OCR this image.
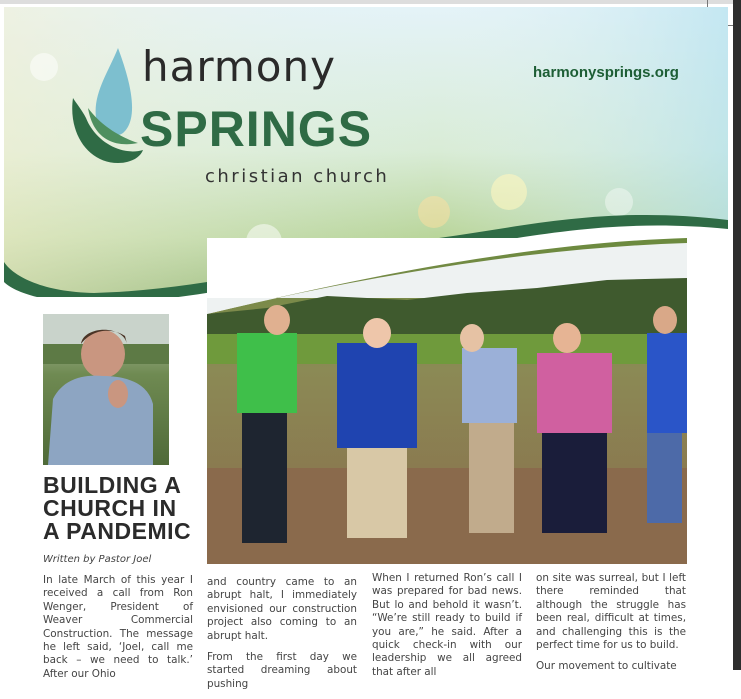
harmony
SPRINGS
christian church
harmonysprings.org
BUILDING A
CHURCH IN
A PANDEMIC
Written by Pastor Joel

In late March of this year I received a call from Ron Wenger, President of Weaver Commercial Construction. The message he left said, ‘Joel, call me back – we need to talk.’ After our Ohio

and country came to an abrupt halt, I immediately envisioned our construction project also coming to an abrupt halt.

From the first day we started dreaming about pushing

When I returned Ron’s call I was prepared for bad news. But lo and behold it wasn’t. “We’re still ready to build if you are,” he said. After a quick check-in with our leadership we all agreed that after all

on site was surreal, but I left there reminded that although the struggle has been real, difficult at times, and challenging this is the perfect time for us to build.

Our movement to cultivate
